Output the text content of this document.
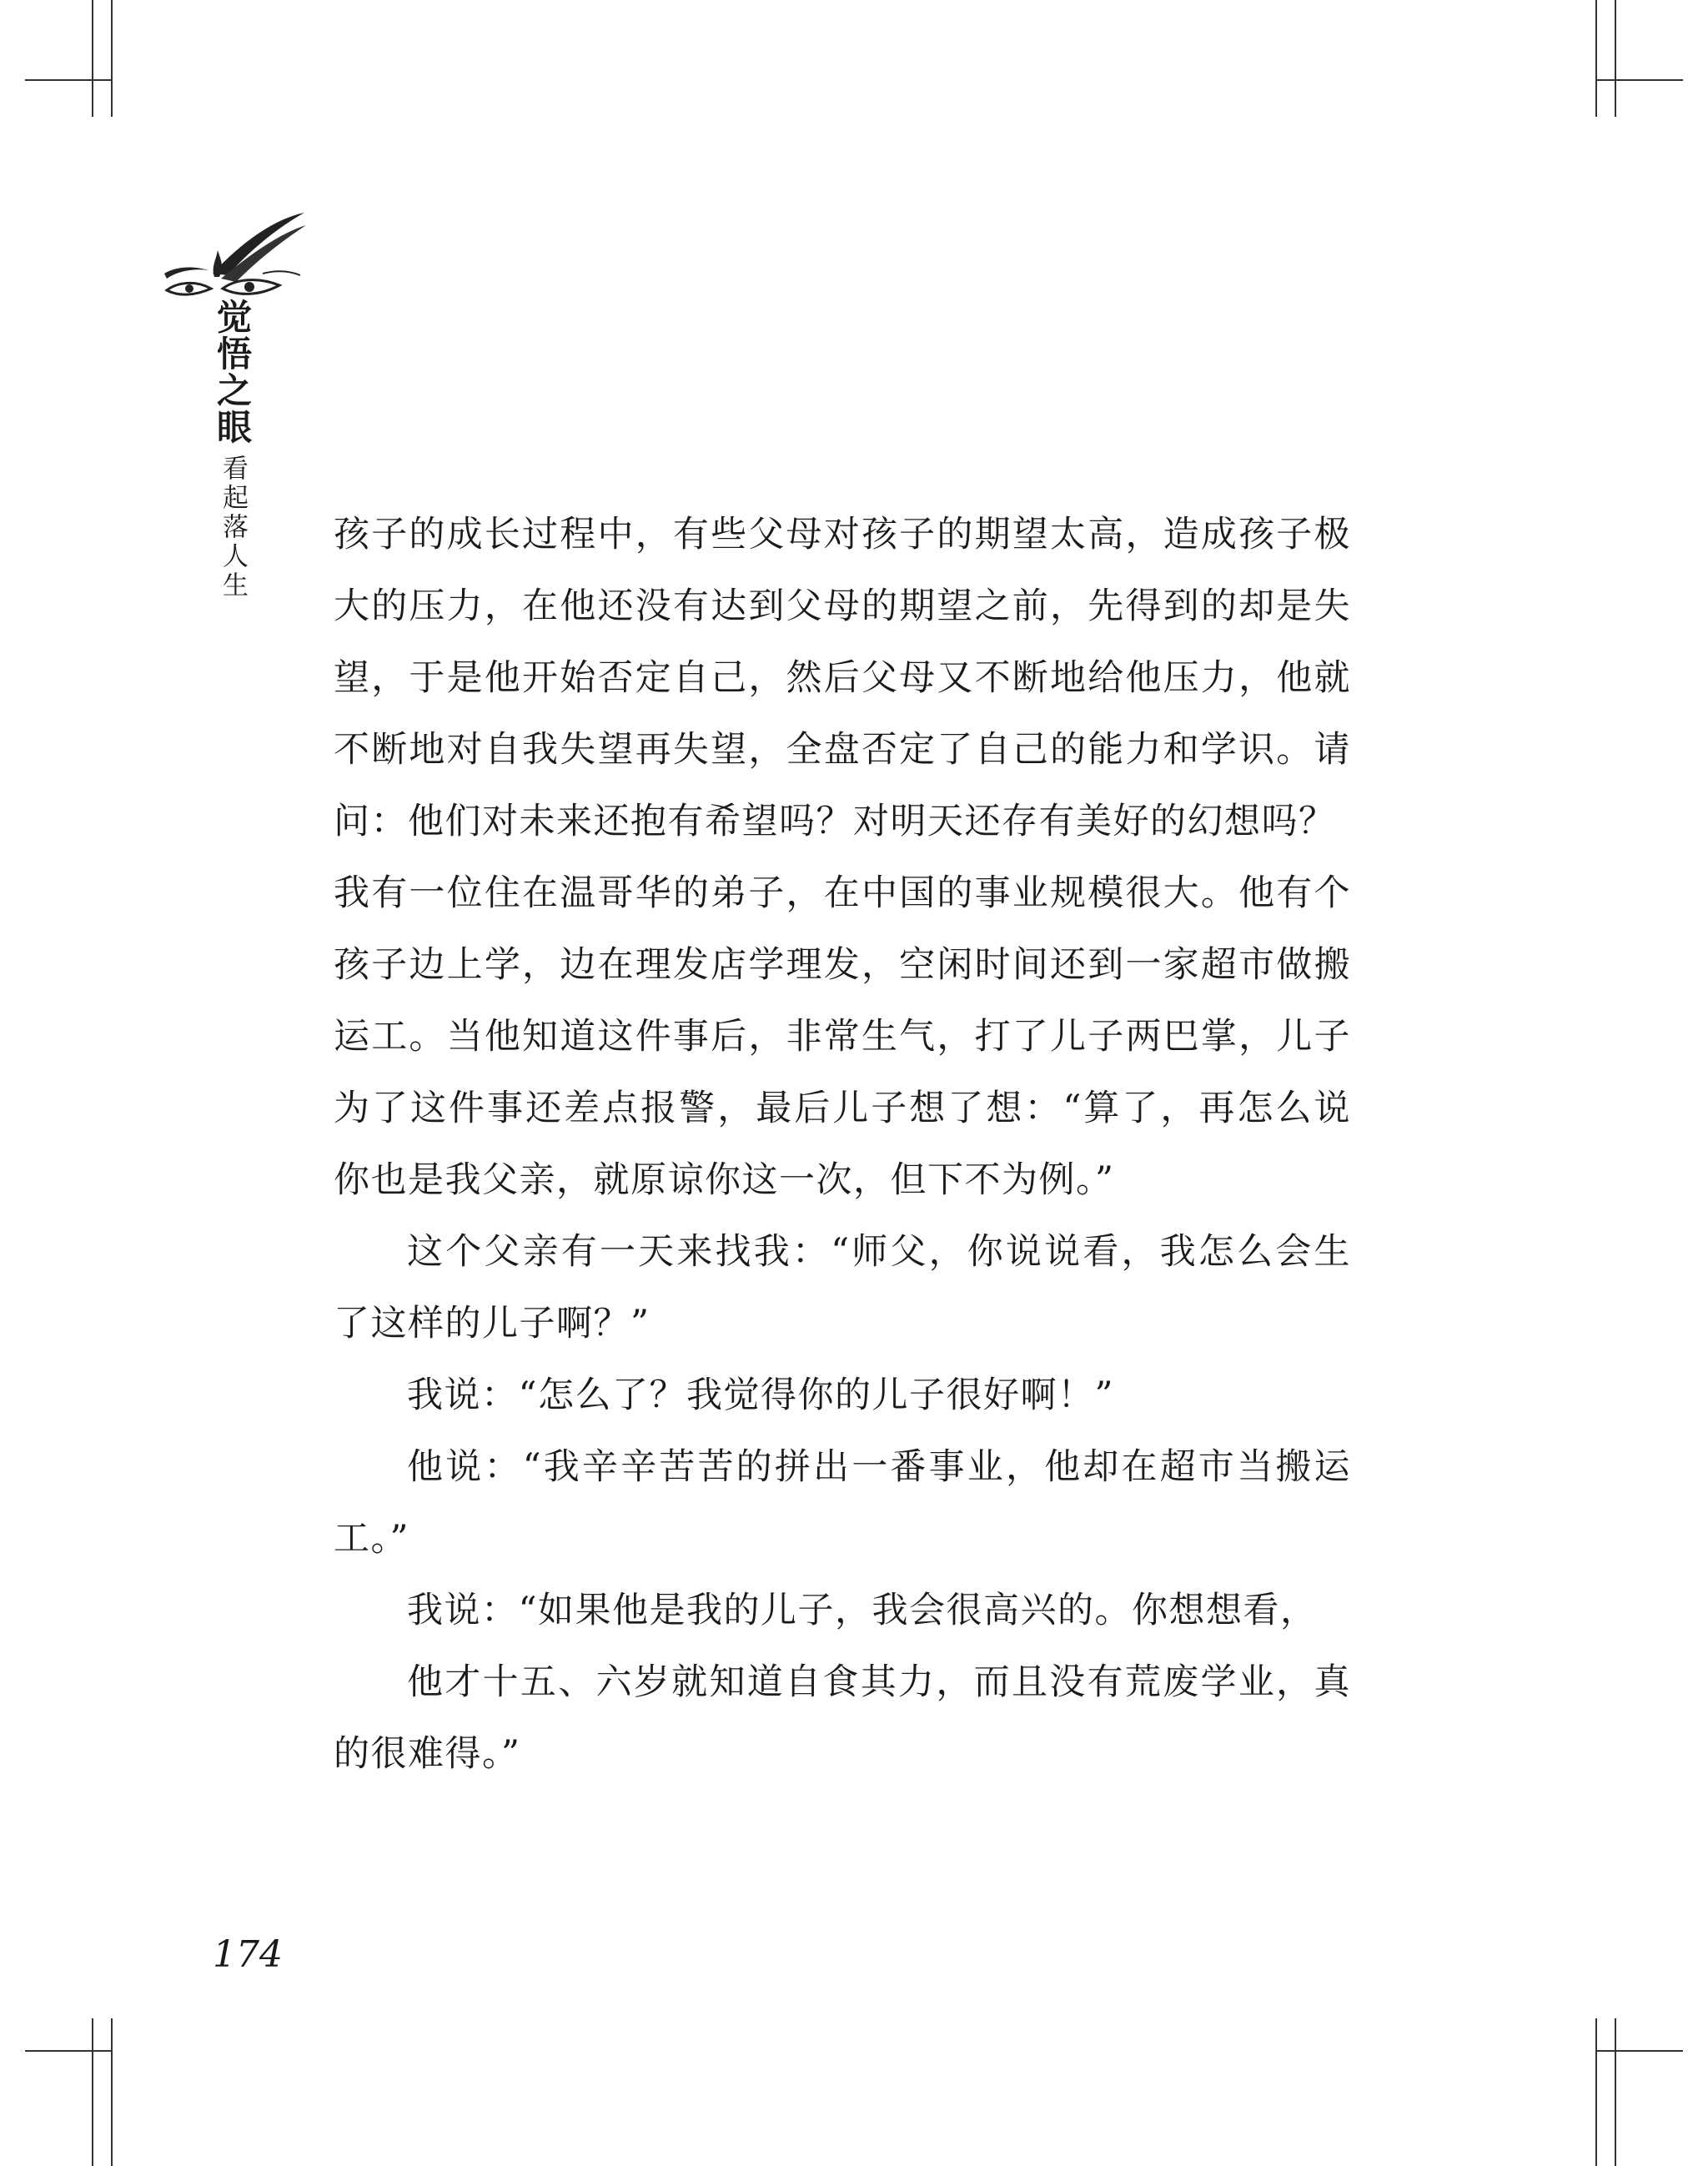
觉悟之眼
看起落人生 孩子的成长过程中，有些父母对孩子的期望太高，造成孩子极大的压力，在他还没有达到父母的期望之前，先得到的却是失望，于是他开始否定自己，然后父母又不断地给他压力，他就不断地对自我失望再失望，全盘否定了自己的能力和学识。请问：他们对未来还抱有希望吗？对明天还存有美好的幻想吗？

我有一位住在温哥华的弟子，在中国的事业规模很大。他有个孩子边上学，边在理发店学理发，空闲时间还到一家超市做搬运工。当他知道这件事后，非常生气，打了儿子两巴掌，儿子为了这件事还差点报警，最后儿子想了想：“算了，再怎么说你也是我父亲，就原谅你这一次，但下不为例。”

这个父亲有一天来找我：“师父，你说说看，我怎么会生了这样的儿子啊？”

我说：“怎么了？我觉得你的儿子很好啊！”

他说：“我辛辛苦苦的拼出一番事业，他却在超市当搬运工。”

我说：“如果他是我的儿子，我会很高兴的。你想想看，

他才十五、六岁就知道自食其力，而且没有荒废学业，真的很难得。”

174
